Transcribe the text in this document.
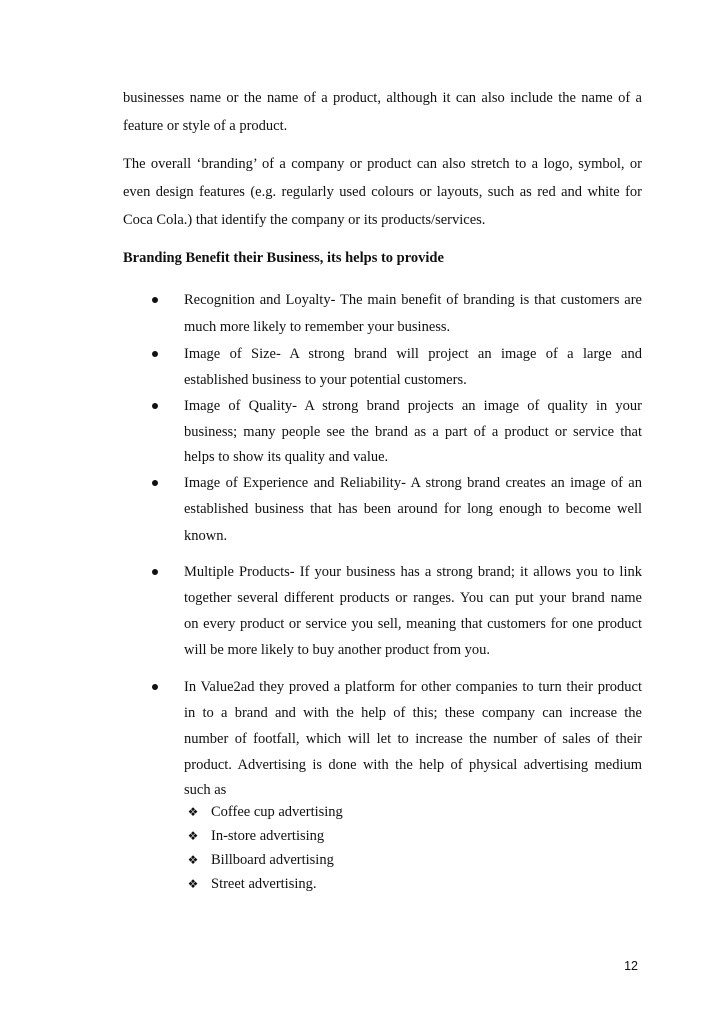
businesses name or the name of a product, although it can also include the name of a
feature or style of a product.
The overall ‘branding’ of a company or product can also stretch to a logo, symbol, or
even design features (e.g. regularly used colours or layouts, such as red and white for
Coca Cola.) that identify the company or its products/services.
Branding Benefit their Business, its helps to provide
Recognition and Loyalty- The main benefit of branding is that customers are
much more likely to remember your business.
Image of Size- A strong brand will project an image of a large and
established business to your potential customers.
Image of Quality- A strong brand projects an image of quality in your
business; many people see the brand as a part of a product or service that
helps to show its quality and value.
Image of Experience and Reliability- A strong brand creates an image of an
established business that has been around for long enough to become well
known.
Multiple Products- If your business has a strong brand; it allows you to link
together several different products or ranges. You can put your brand name
on every product or service you sell, meaning that customers for one product
will be more likely to buy another product from you.
In Value2ad they proved a platform for other companies to turn their product
in to a brand and with the help of this; these company can increase the
number of footfall, which will let to increase the number of sales of their
product. Advertising is done with the help of physical advertising medium
such as
❖ Coffee cup advertising
❖ In-store advertising
❖ Billboard advertising
❖ Street advertising.
12
